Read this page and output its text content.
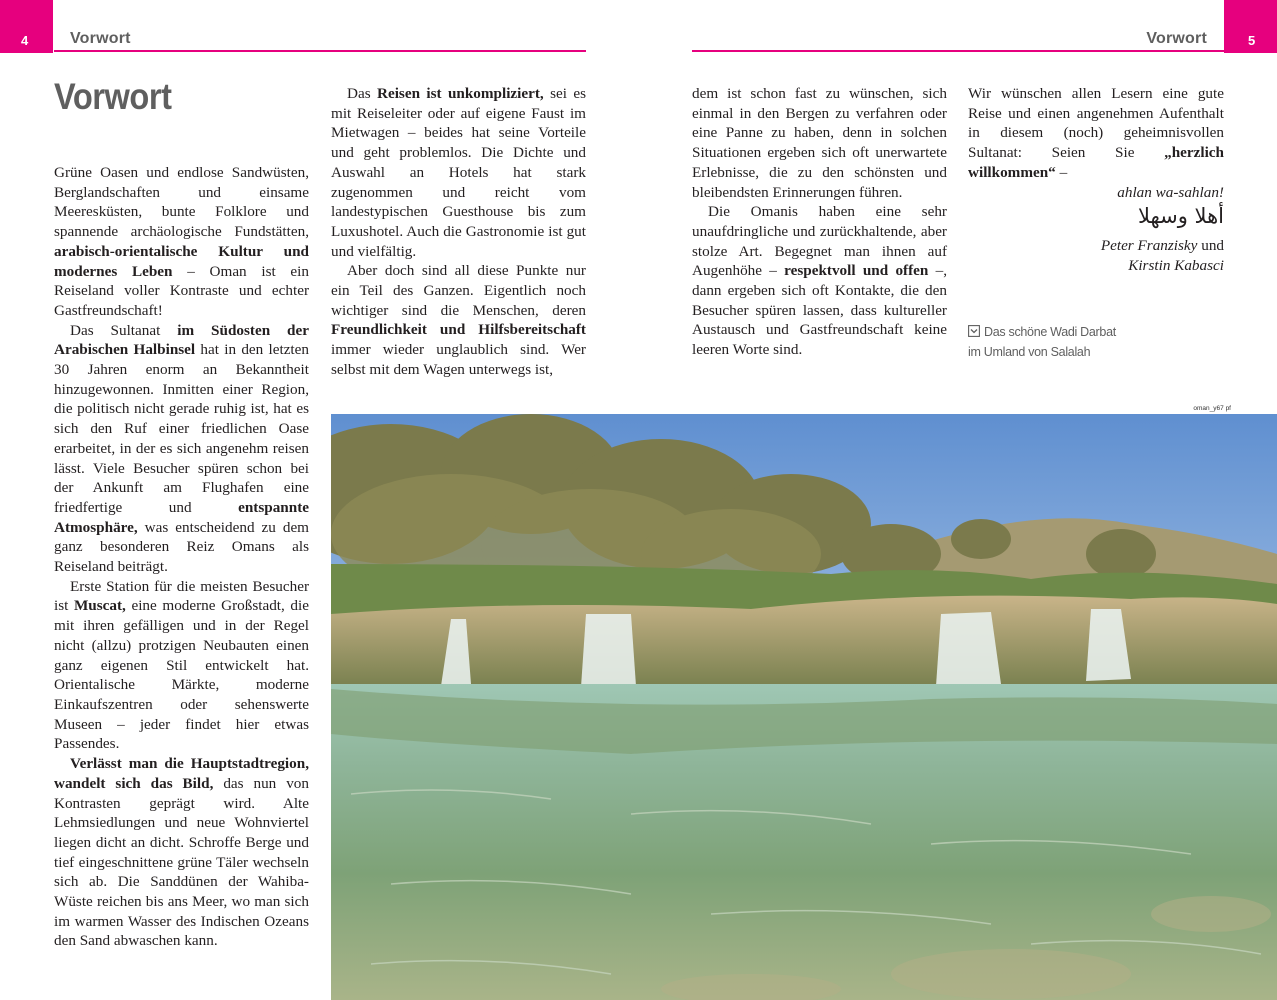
4	Vorwort	5
Vorwort
Vorwort

Grüne Oasen und endlose Sandwüsten, Berglandschaften und einsame Meeresküsten, bunte Folklore und spannende archäologische Fundstätten, arabisch-orientalische Kultur und modernes Leben – Oman ist ein Reiseland voller Kontraste und echter Gastfreundschaft!

Das Sultanat im Südosten der Arabischen Halbinsel hat in den letzten 30 Jahren enorm an Bekanntheit hinzugewonnen. Inmitten einer Region, die politisch nicht gerade ruhig ist, hat es sich den Ruf einer friedlichen Oase erarbeitet, in der es sich angenehm reisen lässt. Viele Besucher spüren schon bei der Ankunft am Flughafen eine friedfertige und entspannte Atmosphäre, was entscheidend zu dem ganz besonderen Reiz Omans als Reiseland beiträgt.

Erste Station für die meisten Besucher ist Muscat, eine moderne Großstadt, die mit ihren gefälligen und in der Regel nicht (allzu) protzigen Neubauten einen ganz eigenen Stil entwickelt hat. Orientalische Märkte, moderne Einkaufszentren oder sehenswerte Museen – jeder findet hier etwas Passendes.

Verlässt man die Hauptstadtregion, wandelt sich das Bild, das nun von Kontrasten geprägt wird. Alte Lehmsiedlungen und neue Wohnviertel liegen dicht an dicht. Schroffe Berge und tief eingeschnittene grüne Täler wechseln sich ab. Die Sanddünen der Wahiba-Wüste reichen bis ans Meer, wo man sich im warmen Wasser des Indischen Ozeans den Sand abwaschen kann.

Das Reisen ist unkompliziert, sei es mit Reiseleiter oder auf eigene Faust im Mietwagen – beides hat seine Vorteile und geht problemlos. Die Dichte und Auswahl an Hotels hat stark zugenommen und reicht vom landestypischen Guesthouse bis zum Luxushotel. Auch die Gastronomie ist gut und vielfältig.

Aber doch sind all diese Punkte nur ein Teil des Ganzen. Eigentlich noch wichtiger sind die Menschen, deren Freundlichkeit und Hilfsbereitschaft immer wieder unglaublich sind. Wer selbst mit dem Wagen unterwegs ist,

dem ist schon fast zu wünschen, sich einmal in den Bergen zu verfahren oder eine Panne zu haben, denn in solchen Situationen ergeben sich oft unerwartete Erlebnisse, die zu den schönsten und bleibendsten Erinnerungen führen.

Die Omanis haben eine sehr unaufdringliche und zurückhaltende, aber stolze Art. Begegnet man ihnen auf Augenhöhe – respektvoll und offen –, dann ergeben sich oft Kontakte, die den Besucher spüren lassen, dass kultureller Austausch und Gastfreundschaft keine leeren Worte sind.

Wir wünschen allen Lesern eine gute Reise und einen angenehmen Aufenthalt in diesem (noch) geheimnisvollen Sultanat: Seien Sie „herzlich willkommen“ –

ahlan wa-sahlan!

أهلا وسهلا

Peter Franzisky und
Kirstin Kabasci

Das schöne Wadi Darbat
im Umland von Salalah
oman_y67 pf
